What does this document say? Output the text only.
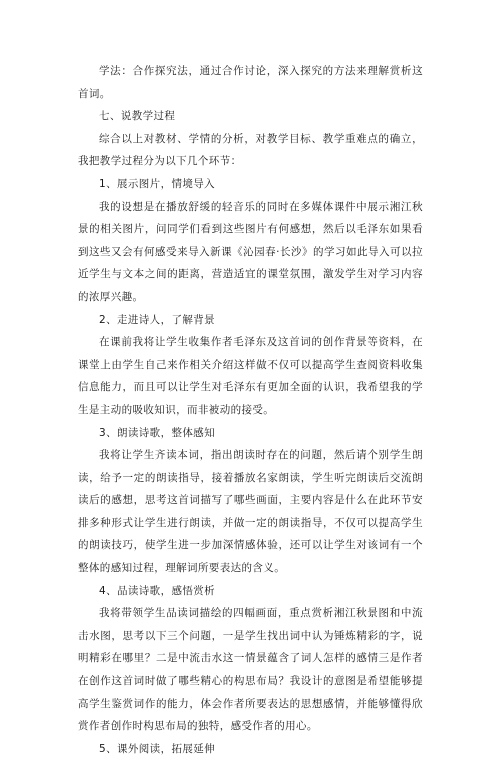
学法：合作探究法，通过合作讨论，深入探究的方法来理解赏析这首词。

七、说教学过程

综合以上对教材、学情的分析，对教学目标、教学重难点的确立，我把教学过程分为以下几个环节：

1、展示图片，情境导入

我的设想是在播放舒缓的轻音乐的同时在多媒体课件中展示湘江秋景的相关图片，问同学们看到这些图片有何感想，然后以毛泽东如果看到这些又会有何感受来导入新课《沁园春·长沙》的学习如此导入可以拉近学生与文本之间的距离，营造适宜的课堂氛围，激发学生对学习内容的浓厚兴趣。

2、走进诗人，了解背景

在课前我将让学生收集作者毛泽东及这首词的创作背景等资料，在课堂上由学生自己来作相关介绍这样做不仅可以提高学生查阅资料收集信息能力，而且可以让学生对毛泽东有更加全面的认识，我希望我的学生是主动的吸收知识，而非被动的接受。

3、朗读诗歌，整体感知

我将让学生齐读本词，指出朗读时存在的问题，然后请个别学生朗读，给予一定的朗读指导，接着播放名家朗读，学生听完朗读后交流朗读后的感想，思考这首词描写了哪些画面，主要内容是什么在此环节安排多种形式让学生进行朗读，并做一定的朗读指导，不仅可以提高学生的朗读技巧，使学生进一步加深情感体验，还可以让学生对该词有一个整体的感知过程，理解词所要表达的含义。

4、品读诗歌，感悟赏析

我将带领学生品读词描绘的四幅画面，重点赏析湘江秋景图和中流击水图，思考以下三个问题，一是学生找出词中认为锤炼精彩的字，说明精彩在哪里？二是中流击水这一情景蕴含了词人怎样的感情三是作者在创作这首词时做了哪些精心的构思布局？我设计的意图是希望能够提高学生鉴赏词作的能力，体会作者所要表达的思想感情，并能够懂得欣赏作者创作时构思布局的独特，感受作者的用心。

5、课外阅读，拓展延伸
